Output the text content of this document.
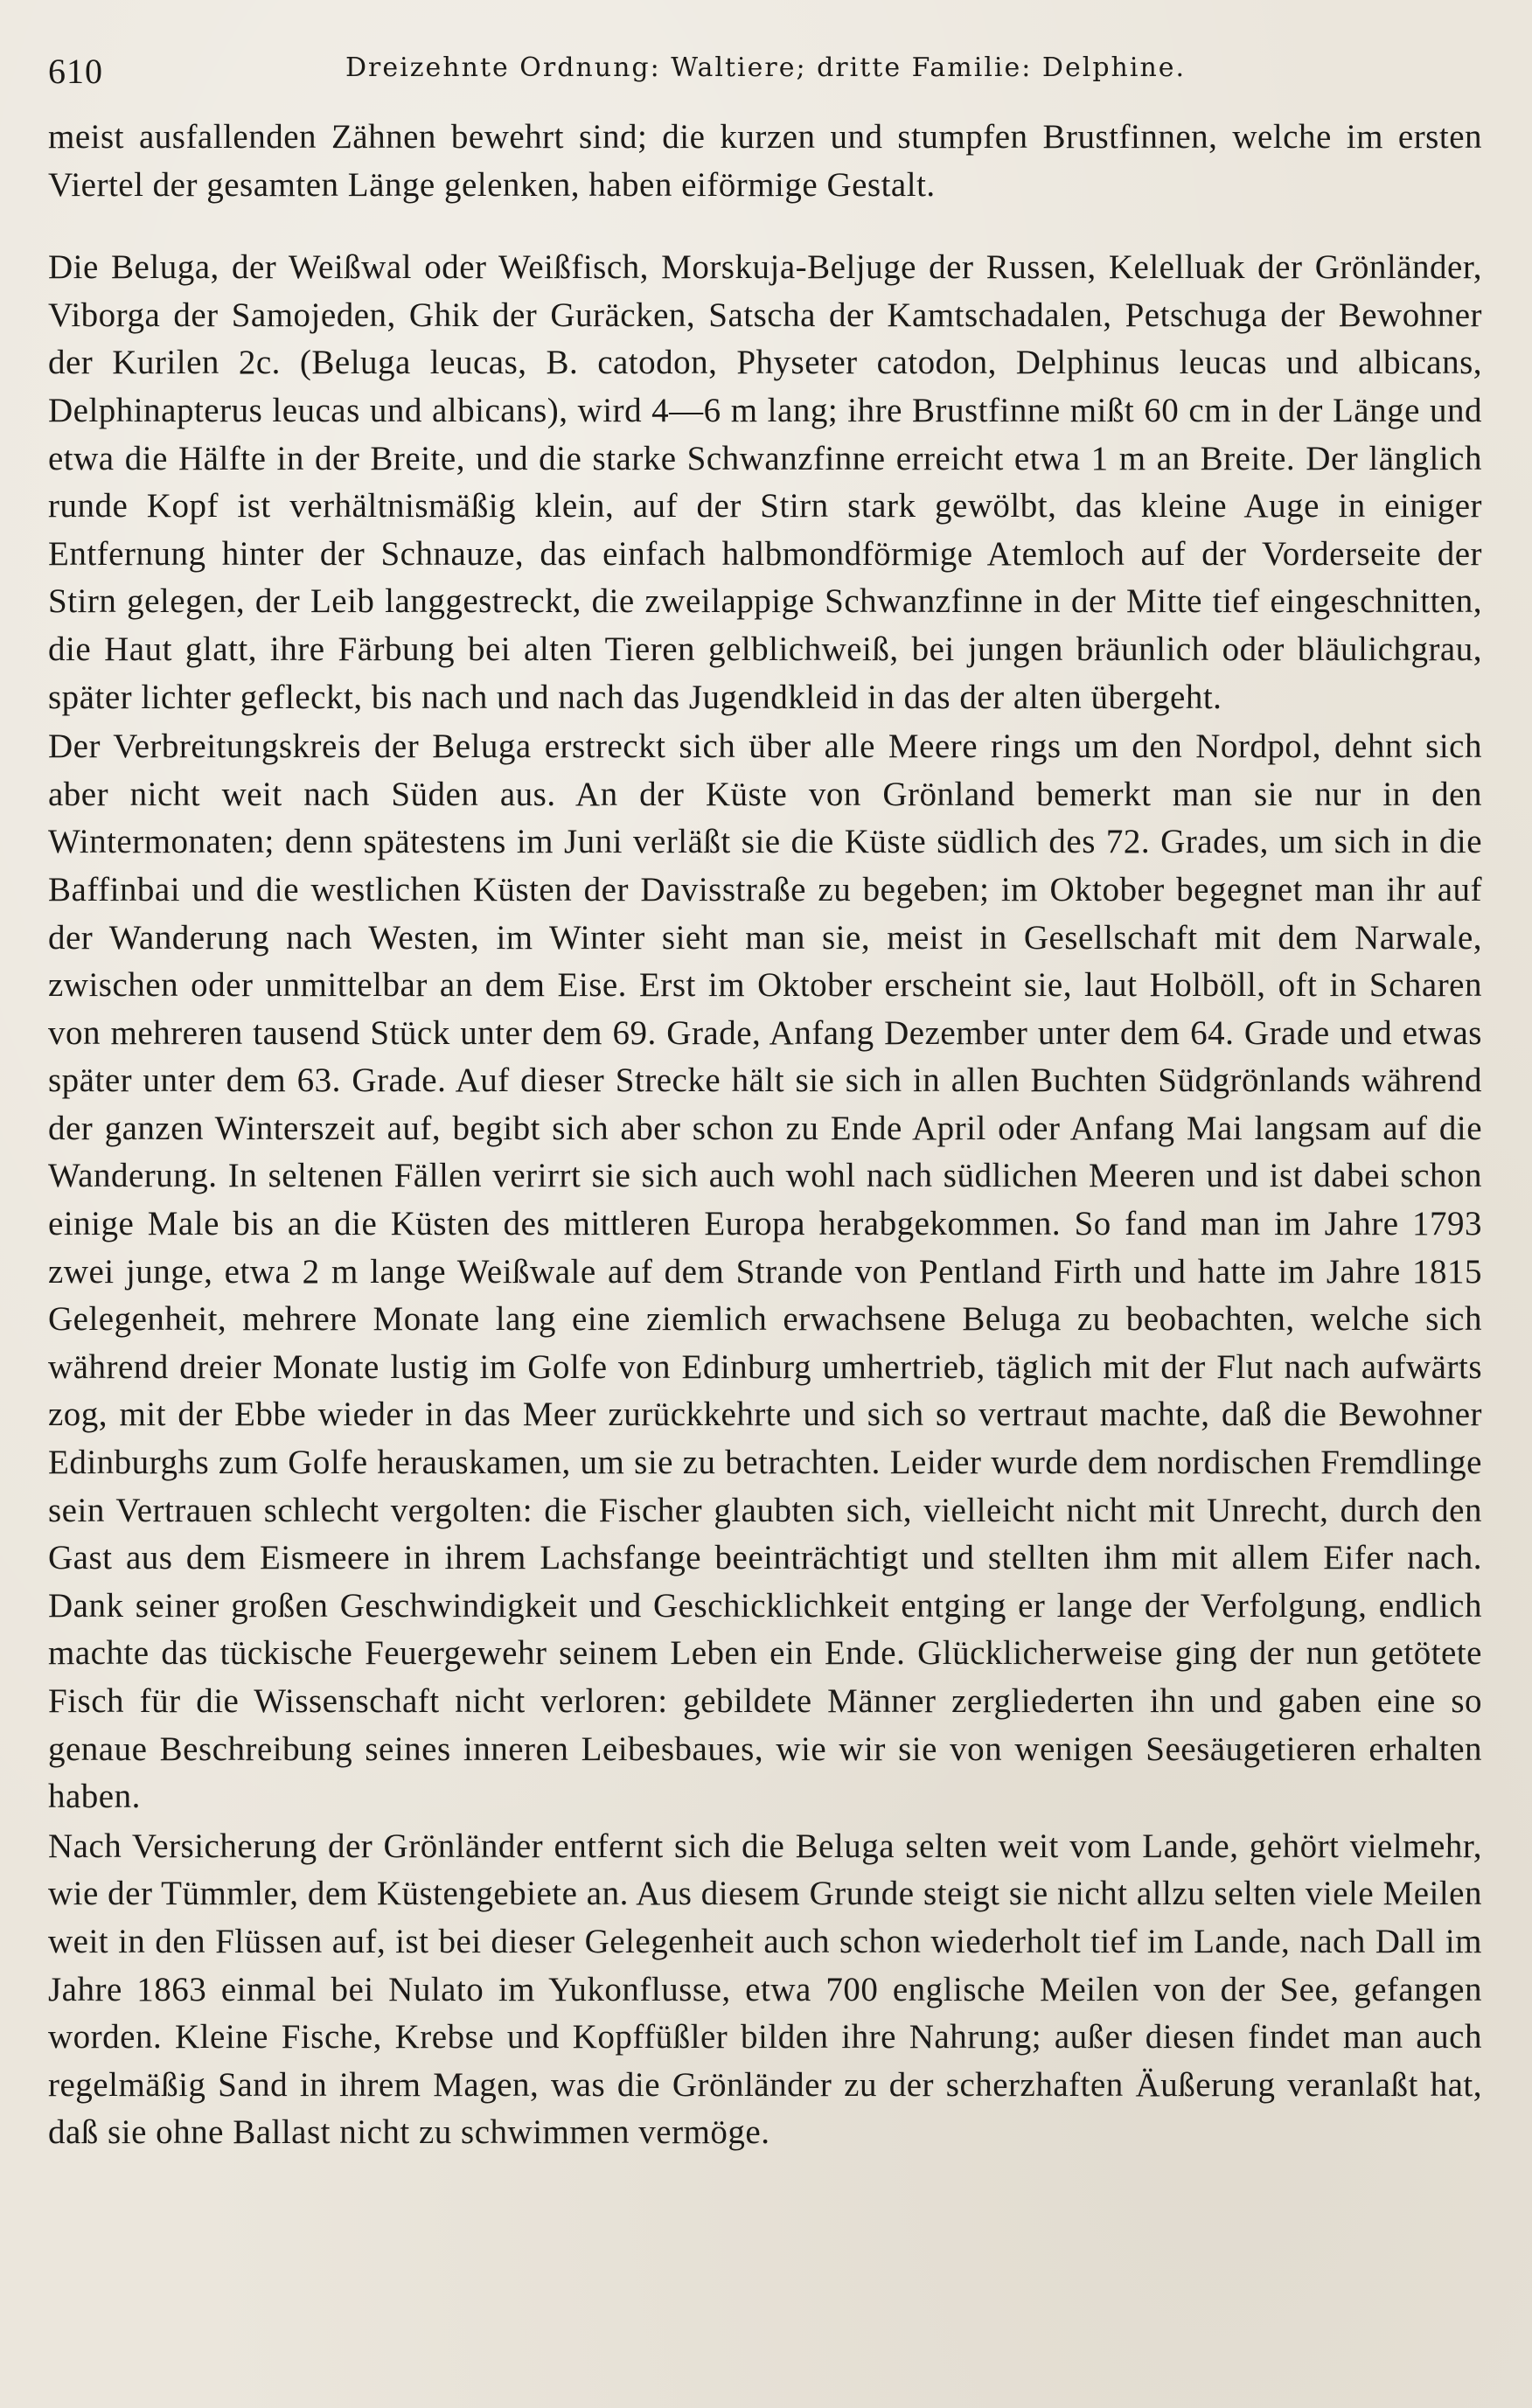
610	Dreizehnte Ordnung: Waltiere; dritte Familie: Delphine.

meist ausfallenden Zähnen bewehrt sind; die kurzen und stumpfen Brustfinnen, welche im ersten Viertel der gesamten Länge gelenken, haben eiförmige Gestalt.

Die Beluga, der Weißwal oder Weißfisch, Morskuja-Beljuge der Russen, Kelelluak der Grönländer, Viborga der Samojeden, Ghik der Guräcken, Satscha der Kamtschadalen, Petschuga der Bewohner der Kurilen 2c. (Beluga leucas, B. catodon, Physeter catodon, Delphinus leucas und albicans, Delphinapterus leucas und albicans), wird 4—6 m lang; ihre Brustfinne mißt 60 cm in der Länge und etwa die Hälfte in der Breite, und die starke Schwanzfinne erreicht etwa 1 m an Breite. Der länglich runde Kopf ist verhältnismäßig klein, auf der Stirn stark gewölbt, das kleine Auge in einiger Entfernung hinter der Schnauze, das einfach halbmondförmige Atemloch auf der Vorderseite der Stirn gelegen, der Leib langgestreckt, die zweilappige Schwanzfinne in der Mitte tief eingeschnitten, die Haut glatt, ihre Färbung bei alten Tieren gelblichweiß, bei jungen bräunlich oder bläulichgrau, später lichter gefleckt, bis nach und nach das Jugendkleid in das der alten übergeht.

Der Verbreitungskreis der Beluga erstreckt sich über alle Meere rings um den Nordpol, dehnt sich aber nicht weit nach Süden aus. An der Küste von Grönland bemerkt man sie nur in den Wintermonaten; denn spätestens im Juni verläßt sie die Küste südlich des 72. Grades, um sich in die Baffinbai und die westlichen Küsten der Davisstraße zu begeben; im Oktober begegnet man ihr auf der Wanderung nach Westen, im Winter sieht man sie, meist in Gesellschaft mit dem Narwale, zwischen oder unmittelbar an dem Eise. Erst im Oktober erscheint sie, laut Holböll, oft in Scharen von mehreren tausend Stück unter dem 69. Grade, Anfang Dezember unter dem 64. Grade und etwas später unter dem 63. Grade. Auf dieser Strecke hält sie sich in allen Buchten Südgrönlands während der ganzen Winterszeit auf, begibt sich aber schon zu Ende April oder Anfang Mai langsam auf die Wanderung. In seltenen Fällen verirrt sie sich auch wohl nach südlichen Meeren und ist dabei schon einige Male bis an die Küsten des mittleren Europa herabgekommen. So fand man im Jahre 1793 zwei junge, etwa 2 m lange Weißwale auf dem Strande von Pentland Firth und hatte im Jahre 1815 Gelegenheit, mehrere Monate lang eine ziemlich erwachsene Beluga zu beobachten, welche sich während dreier Monate lustig im Golfe von Edinburg umhertrieb, täglich mit der Flut nach aufwärts zog, mit der Ebbe wieder in das Meer zurückkehrte und sich so vertraut machte, daß die Bewohner Edinburghs zum Golfe herauskamen, um sie zu betrachten. Leider wurde dem nordischen Fremdlinge sein Vertrauen schlecht vergolten: die Fischer glaubten sich, vielleicht nicht mit Unrecht, durch den Gast aus dem Eismeere in ihrem Lachsfange beeinträchtigt und stellten ihm mit allem Eifer nach. Dank seiner großen Geschwindigkeit und Geschicklichkeit entging er lange der Verfolgung, endlich machte das tückische Feuergewehr seinem Leben ein Ende. Glücklicherweise ging der nun getötete Fisch für die Wissenschaft nicht verloren: gebildete Männer zergliederten ihn und gaben eine so genaue Beschreibung seines inneren Leibesbaues, wie wir sie von wenigen Seesäugetieren erhalten haben.

Nach Versicherung der Grönländer entfernt sich die Beluga selten weit vom Lande, gehört vielmehr, wie der Tümmler, dem Küstengebiete an. Aus diesem Grunde steigt sie nicht allzu selten viele Meilen weit in den Flüssen auf, ist bei dieser Gelegenheit auch schon wiederholt tief im Lande, nach Dall im Jahre 1863 einmal bei Nulato im Yukonflusse, etwa 700 englische Meilen von der See, gefangen worden. Kleine Fische, Krebse und Kopffüßler bilden ihre Nahrung; außer diesen findet man auch regelmäßig Sand in ihrem Magen, was die Grönländer zu der scherzhaften Äußerung veranlaßt hat, daß sie ohne Ballast nicht zu schwimmen vermöge.
